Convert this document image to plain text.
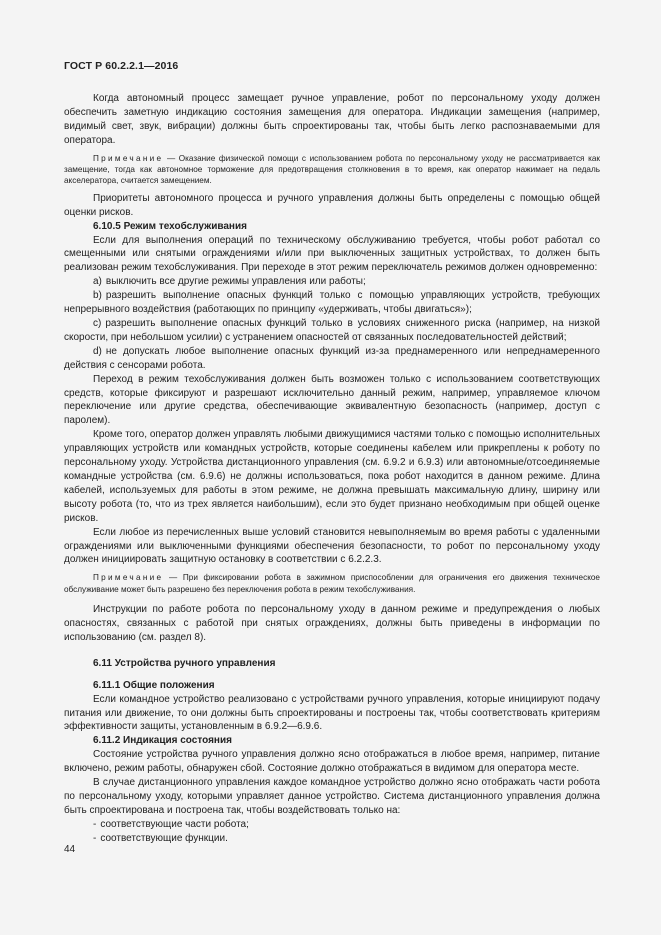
ГОСТ Р 60.2.2.1—2016

Когда автономный процесс замещает ручное управление, робот по персональному уходу должен обеспечить заметную индикацию состояния замещения для оператора. Индикации замещения (например, видимый свет, звук, вибрации) должны быть спроектированы так, чтобы быть легко распознаваемыми для оператора.

Примечание — Оказание физической помощи с использованием робота по персональному уходу не рассматривается как замещение, тогда как автономное торможение для предотвращения столкновения в то время, как оператор нажимает на педаль акселератора, считается замещением.

Приоритеты автономного процесса и ручного управления должны быть определены с помощью общей оценки рисков.

6.10.5 Режим техобслуживания

Если для выполнения операций по техническому обслуживанию требуется, чтобы робот работал со смещенными или снятыми ограждениями и/или при выключенных защитных устройствах, то должен быть реализован режим техобслуживания. При переходе в этот режим переключатель режимов должен одновременно:

a) выключить все другие режимы управления или работы;
b) разрешить выполнение опасных функций только с помощью управляющих устройств, требующих непрерывного воздействия (работающих по принципу «удерживать, чтобы двигаться»);
c) разрешить выполнение опасных функций только в условиях сниженного риска (например, на низкой скорости, при небольшом усилии) с устранением опасностей от связанных последовательностей действий;
d) не допускать любое выполнение опасных функций из-за преднамеренного или непреднамеренного действия с сенсорами робота.

Переход в режим техобслуживания должен быть возможен только с использованием соответствующих средств, которые фиксируют и разрешают исключительно данный режим, например, управляемое ключом переключение или другие средства, обеспечивающие эквивалентную безопасность (например, доступ с паролем).

Кроме того, оператор должен управлять любыми движущимися частями только с помощью исполнительных управляющих устройств или командных устройств, которые соединены кабелем или прикреплены к роботу по персональному уходу. Устройства дистанционного управления (см. 6.9.2 и 6.9.3) или автономные/отсоединяемые командные устройства (см. 6.9.6) не должны использоваться, пока робот находится в данном режиме. Длина кабелей, используемых для работы в этом режиме, не должна превышать максимальную длину, ширину или высоту робота (то, что из трех является наибольшим), если это будет признано необходимым при общей оценке рисков.

Если любое из перечисленных выше условий становится невыполняемым во время работы с удаленными ограждениями или выключенными функциями обеспечения безопасности, то робот по персональному уходу должен инициировать защитную остановку в соответствии с 6.2.2.3.

Примечание — При фиксировании робота в зажимном приспособлении для ограничения его движения техническое обслуживание может быть разрешено без переключения робота в режим техобслуживания.

Инструкции по работе робота по персональному уходу в данном режиме и предупреждения о любых опасностях, связанных с работой при снятых ограждениях, должны быть приведены в информации по использованию (см. раздел 8).

6.11 Устройства ручного управления
6.11.1 Общие положения

Если командное устройство реализовано с устройствами ручного управления, которые инициируют подачу питания или движение, то они должны быть спроектированы и построены так, чтобы соответствовать критериям эффективности защиты, установленным в 6.9.2—6.9.6.

6.11.2 Индикация состояния

Состояние устройства ручного управления должно ясно отображаться в любое время, например, питание включено, режим работы, обнаружен сбой. Состояние должно отображаться в видимом для оператора месте.

В случае дистанционного управления каждое командное устройство должно ясно отображать части робота по персональному уходу, которыми управляет данное устройство. Система дистанционного управления должна быть спроектирована и построена так, чтобы воздействовать только на:

- соответствующие части робота;
- соответствующие функции.
44
